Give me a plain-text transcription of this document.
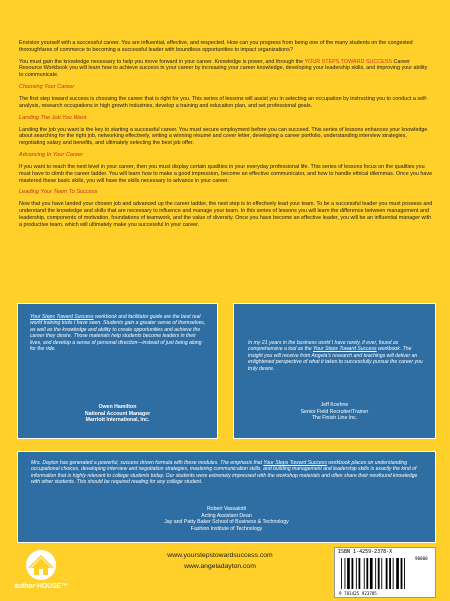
Envision yourself with a successful career. You are influential, effective, and respected. How can you progress from being one of the many students on the congested thoroughfares of commerce to becoming a successful leader with boundless opportunities to impact organizations?

You must gain the knowledge necessary to help you move forward in your career. Knowledge is power, and through the YOUR STEPS TOWARD SUCCESS Career Resource Workbook you will learn how to achieve success in your career by increasing your career knowledge, developing your leadership skills, and improving your ability to communicate.

Choosing Your Career

The first step toward success is choosing the career that is right for you. This series of lessons will assist you in selecting an occupation by instructing you to conduct a self-analysis, research occupations in high growth industries, develop a training and education plan, and set professional goals.

Landing The Job You Want

Landing the job you want is the key to starting a successful career. You must secure employment before you can succeed. This series of lessons enhances your knowledge about searching for the right job, networking effectively, writing a winning résumé and cover letter, developing a career portfolio, understanding interview strategies, negotiating salary and benefits, and ultimately selecting the best job offer.

Advancing In Your Career

If you want to reach the next level in your career, then you must display certain qualities in your everyday professional life. This series of lessons focus on the qualities you must have to climb the career ladder. You will learn how to make a good impression, become an effective communicator, and how to handle ethical dilemmas. Once you have mastered these basic skills, you will have the skills necessary to advance in your career.

Leading Your Team To Success

Now that you have landed your chosen job and advanced up the career ladder, the next step is to effectively lead your team. To be a successful leader you must possess and understand the knowledge and skills that are necessary to influence and manage your team. In this series of lessons you will learn the difference between management and leadership, components of motivation, foundations of teamwork, and the value of diversity. Once you have become an effective leader, you will be an influential manager with a productive team, which will ultimately make you successful in your career.

Your Steps Toward Success workbook and facilitator guide are the best real world training tools I have seen. Students gain a greater sense of themselves, as well as the knowledge and ability to create opportunities and achieve the career they desire. Those materials help students become leaders in their lives, and develop a sense of personal direction—instead of just being along for the ride.
Owen Hamilton
National Account Manager
Marriott International, Inc.
In my 21 years in the business world I have rarely, if ever, found as comprehensive a tool as the Your Steps Toward Success workbook. The insight you will receive from Angela's research and teachings will deliver an enlightened perspective of what it takes to successfully pursue the career you truly desire.
Jeff Koehne
Senior Field Recruiter/Trainer
The Finish Line Inc.
Mrs. Dayton has generated a powerful, success driven formula with these modules. The emphasis that Your Steps Toward Success workbook places on understanding occupational choices, developing interview and negotiation strategies, mastering communication skills, and building management and leadership skills is exactly the kind of information that is highly relevant to college students today. Our students were extremely impressed with the workshop materials and often share their newfound knowledge with other students. This should be required reading for any college student.
Robert Vassalotti
Acting Assistant Dean
Jay and Patty Baker School of Business & Technology
Fashion Institute of Technology
author·HOUSE™
www.yourstepstowardsuccess.com
www.angeladayton.com
ISBN 1-4259-2378-X
90000
9 781425 923785
